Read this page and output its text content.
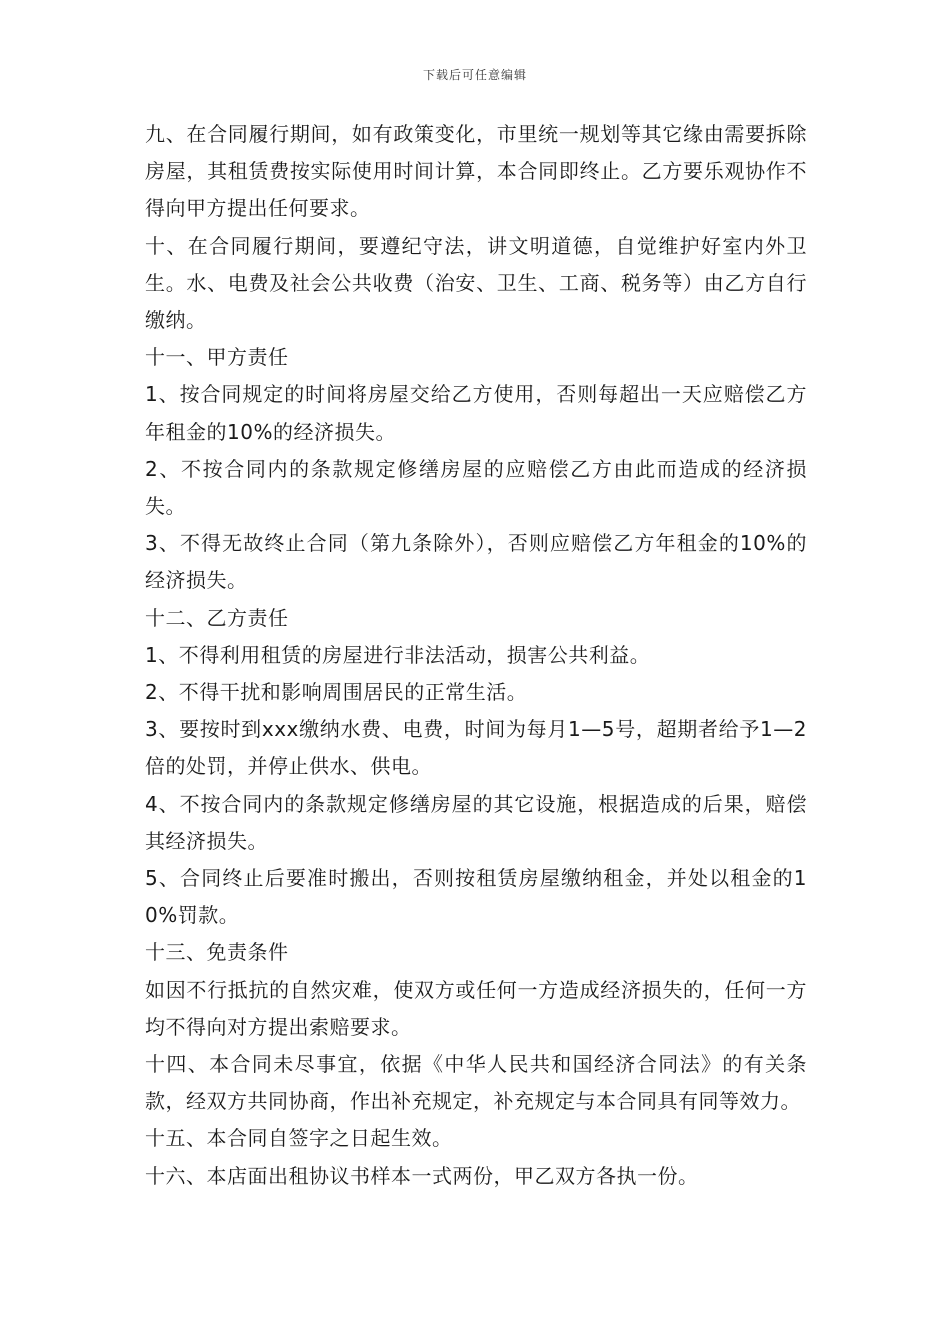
下载后可任意编辑

九、在合同履行期间，如有政策变化，市里统一规划等其它缘由需要拆除房屋，其租赁费按实际使用时间计算，本合同即终止。乙方要乐观协作不得向甲方提出任何要求。

十、在合同履行期间，要遵纪守法，讲文明道德，自觉维护好室内外卫生。水、电费及社会公共收费（治安、卫生、工商、税务等）由乙方自行缴纳。

十一、甲方责任

1、按合同规定的时间将房屋交给乙方使用，否则每超出一天应赔偿乙方年租金的10%的经济损失。

2、不按合同内的条款规定修缮房屋的应赔偿乙方由此而造成的经济损失。

3、不得无故终止合同（第九条除外），否则应赔偿乙方年租金的10%的经济损失。

十二、乙方责任

1、不得利用租赁的房屋进行非法活动，损害公共利益。

2、不得干扰和影响周围居民的正常生活。

3、要按时到xxx缴纳水费、电费，时间为每月1—5号，超期者给予1—2倍的处罚，并停止供水、供电。

4、不按合同内的条款规定修缮房屋的其它设施，根据造成的后果，赔偿其经济损失。

5、合同终止后要准时搬出，否则按租赁房屋缴纳租金，并处以租金的10%罚款。

十三、免责条件

如因不行抵抗的自然灾难，使双方或任何一方造成经济损失的，任何一方均不得向对方提出索赔要求。

十四、本合同未尽事宜，依据《中华人民共和国经济合同法》的有关条款，经双方共同协商，作出补充规定，补充规定与本合同具有同等效力。

十五、本合同自签字之日起生效。

十六、本店面出租协议书样本一式两份，甲乙双方各执一份。
